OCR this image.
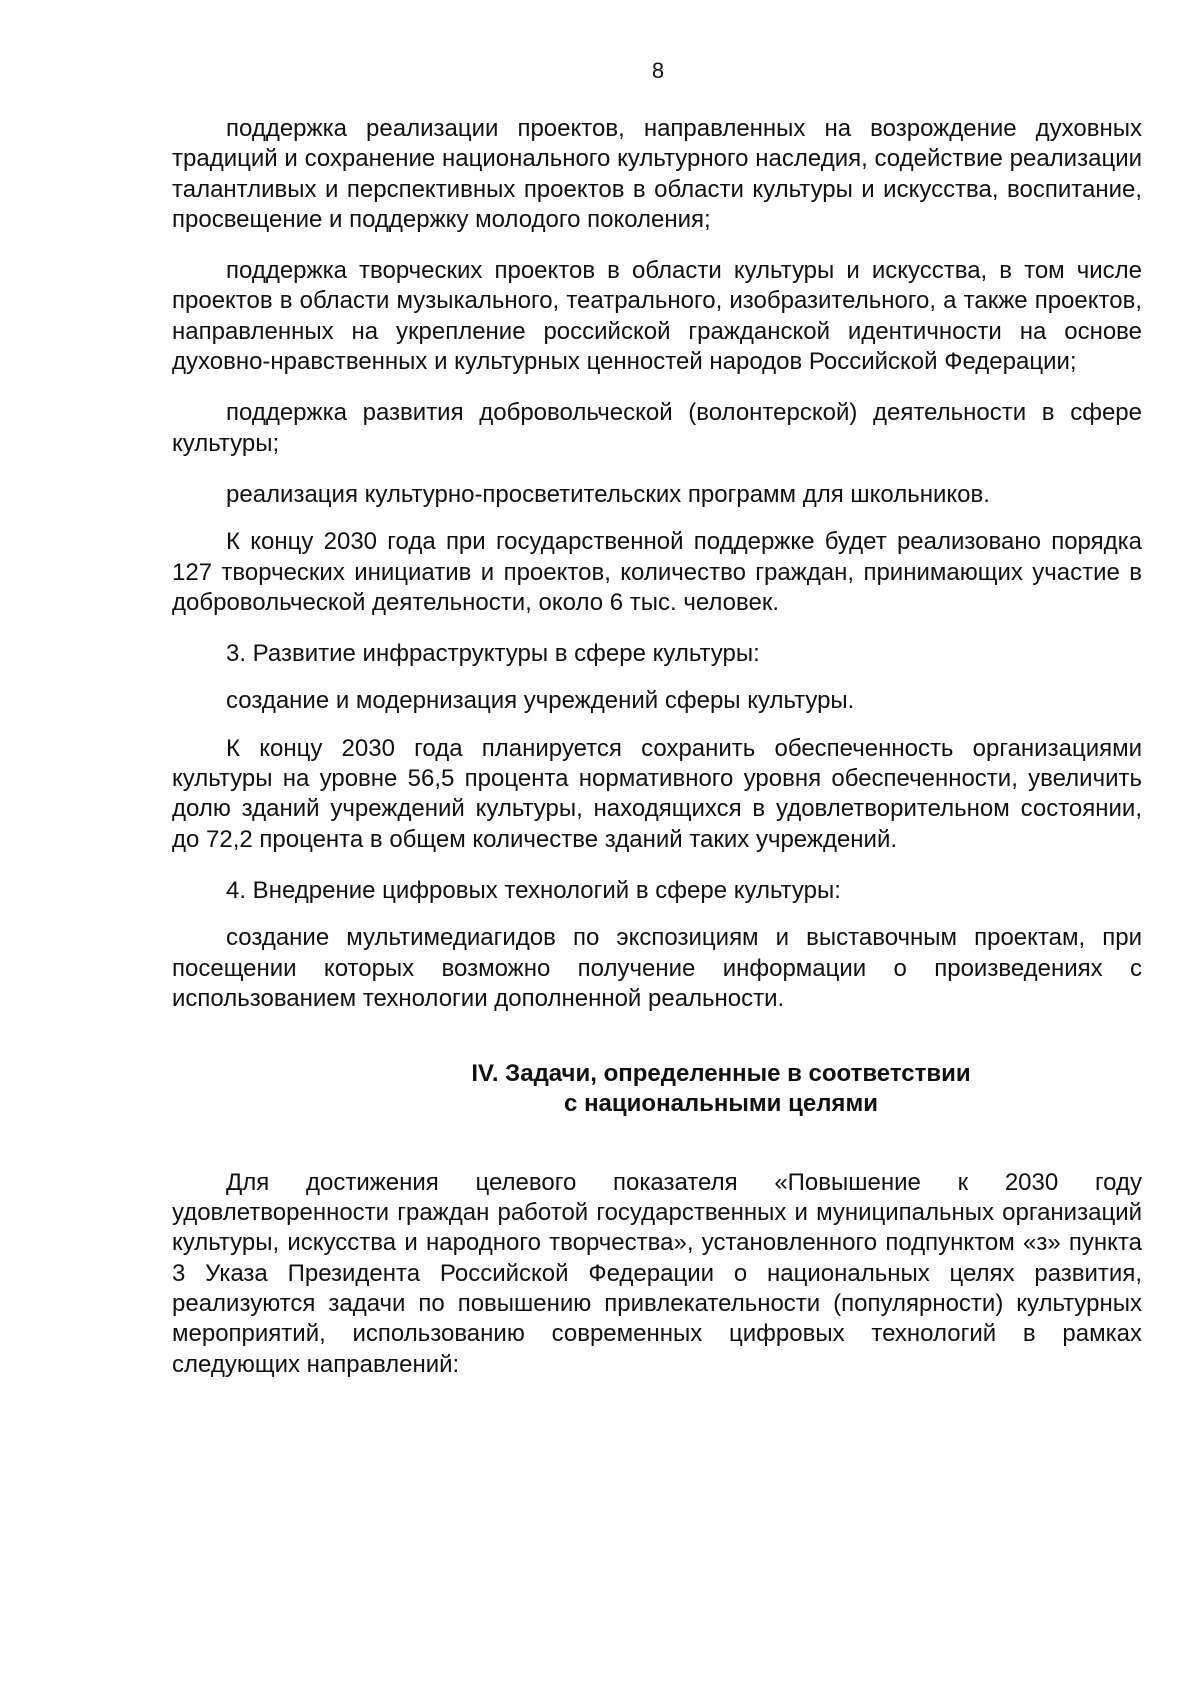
8

поддержка реализации проектов, направленных на возрождение духовных традиций и сохранение национального культурного наследия, содействие реализации талантливых и перспективных проектов в области культуры и искусства, воспитание, просвещение и поддержку молодого поколения;

поддержка творческих проектов в области культуры и искусства, в том числе проектов в области музыкального, театрального, изобразительного, а также проектов, направленных на укрепление российской гражданской идентичности на основе духовно-нравственных и культурных ценностей народов Российской Федерации;

поддержка развития добровольческой (волонтерской) деятельности в сфере культуры;

реализация культурно-просветительских программ для школьников.

К концу 2030 года при государственной поддержке будет реализовано порядка 127 творческих инициатив и проектов, количество граждан, принимающих участие в добровольческой деятельности, около 6 тыс. человек.

3. Развитие инфраструктуры в сфере культуры:

создание и модернизация учреждений сферы культуры.

К концу 2030 года планируется сохранить обеспеченность организациями культуры на уровне 56,5 процента нормативного уровня обеспеченности, увеличить долю зданий учреждений культуры, находящихся в удовлетворительном состоянии, до 72,2 процента в общем количестве зданий таких учреждений.

4. Внедрение цифровых технологий в сфере культуры:

создание мультимедиагидов по экспозициям и выставочным проектам, при посещении которых возможно получение информации о произведениях с использованием технологии дополненной реальности.

IV. Задачи, определенные в соответствии
с национальными целями

Для достижения целевого показателя «Повышение к 2030 году удовлетворенности граждан работой государственных и муниципальных организаций культуры, искусства и народного творчества», установленного подпунктом «з» пункта 3 Указа Президента Российской Федерации о национальных целях развития, реализуются задачи по повышению привлекательности (популярности) культурных мероприятий, использованию современных цифровых технологий в рамках следующих направлений:
